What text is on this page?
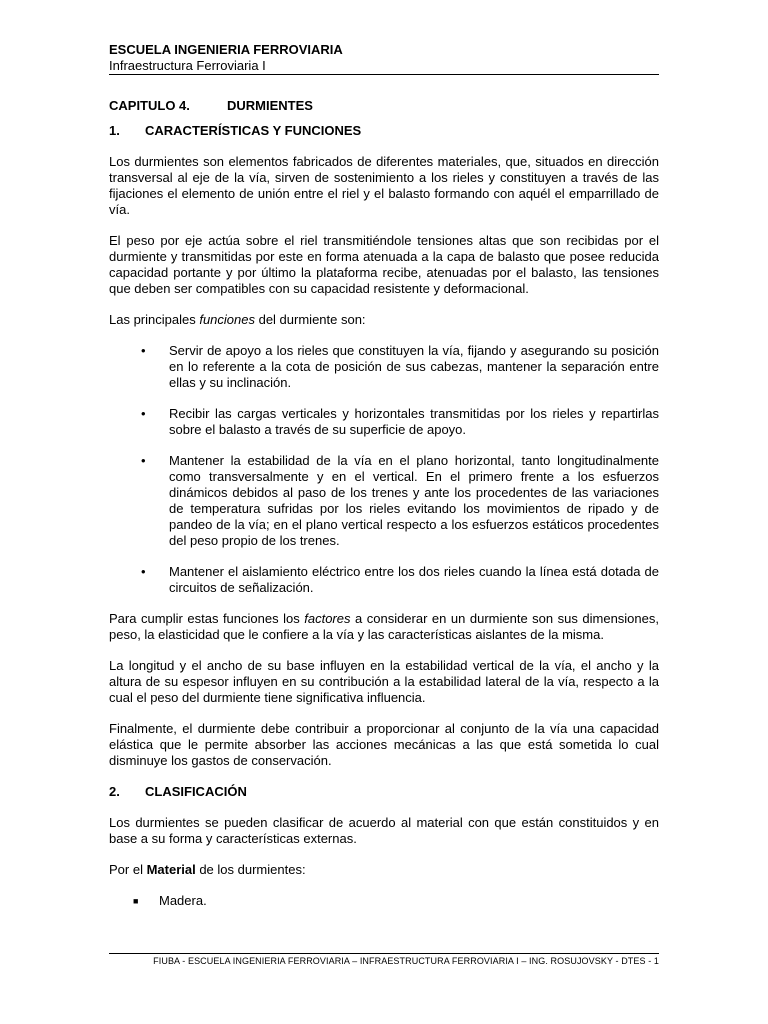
ESCUELA INGENIERIA FERROVIARIA

Infraestructura Ferroviaria I

CAPITULO 4.	DURMIENTES
1.	CARACTERÍSTICAS Y FUNCIONES

Los durmientes son elementos fabricados de diferentes materiales, que, situados en dirección transversal al eje de la vía, sirven de sostenimiento a los rieles y constituyen a través de las fijaciones el elemento de unión entre el riel y el balasto formando con aquél el emparrillado de vía.

El peso por eje actúa sobre el riel transmitiéndole tensiones altas que son recibidas por el durmiente y transmitidas por este en forma atenuada a la capa de balasto que posee reducida capacidad portante y por último la plataforma recibe, atenuadas por el balasto, las tensiones que deben ser compatibles con su capacidad resistente y deformacional.

Las principales funciones del durmiente son:

•	Servir de apoyo a los rieles que constituyen la vía, fijando y asegurando su posición en lo referente a la cota de posición de sus cabezas, mantener la separación entre ellas y su inclinación.
•	Recibir las cargas verticales y horizontales transmitidas por los rieles y repartirlas sobre el balasto a través de su superficie de apoyo.
•	Mantener la estabilidad de la vía en el plano horizontal, tanto longitudinalmente como transversalmente y en el vertical. En el primero frente a los esfuerzos dinámicos debidos al paso de los trenes y ante los procedentes de las variaciones de temperatura sufridas por los rieles evitando los movimientos de ripado y de pandeo de la vía; en el plano vertical respecto a los esfuerzos estáticos procedentes del peso propio de los trenes.
•	Mantener el aislamiento eléctrico entre los dos rieles cuando la línea está dotada de circuitos de señalización.

Para cumplir estas funciones los factores a considerar en un durmiente son sus dimensiones, peso, la elasticidad que le confiere a la vía y las características aislantes de la misma.

La longitud y el ancho de su base influyen en la estabilidad vertical de la vía, el ancho y la altura de su espesor influyen en su contribución a la estabilidad lateral de la vía, respecto a la cual el peso del durmiente tiene significativa influencia.

Finalmente, el durmiente debe contribuir a proporcionar al conjunto de la vía una capacidad elástica que le permite absorber las acciones mecánicas a las que está sometida lo cual disminuye los gastos de conservación.

2.	CLASIFICACIÓN

Los durmientes se pueden clasificar de acuerdo al material con que están constituidos y en base a su forma y características externas.

Por el Material de los durmientes:

■	Madera.
FIUBA - ESCUELA INGENIERIA FERROVIARIA – INFRAESTRUCTURA FERROVIARIA I – ING. ROSUJOVSKY - DTES - 1
